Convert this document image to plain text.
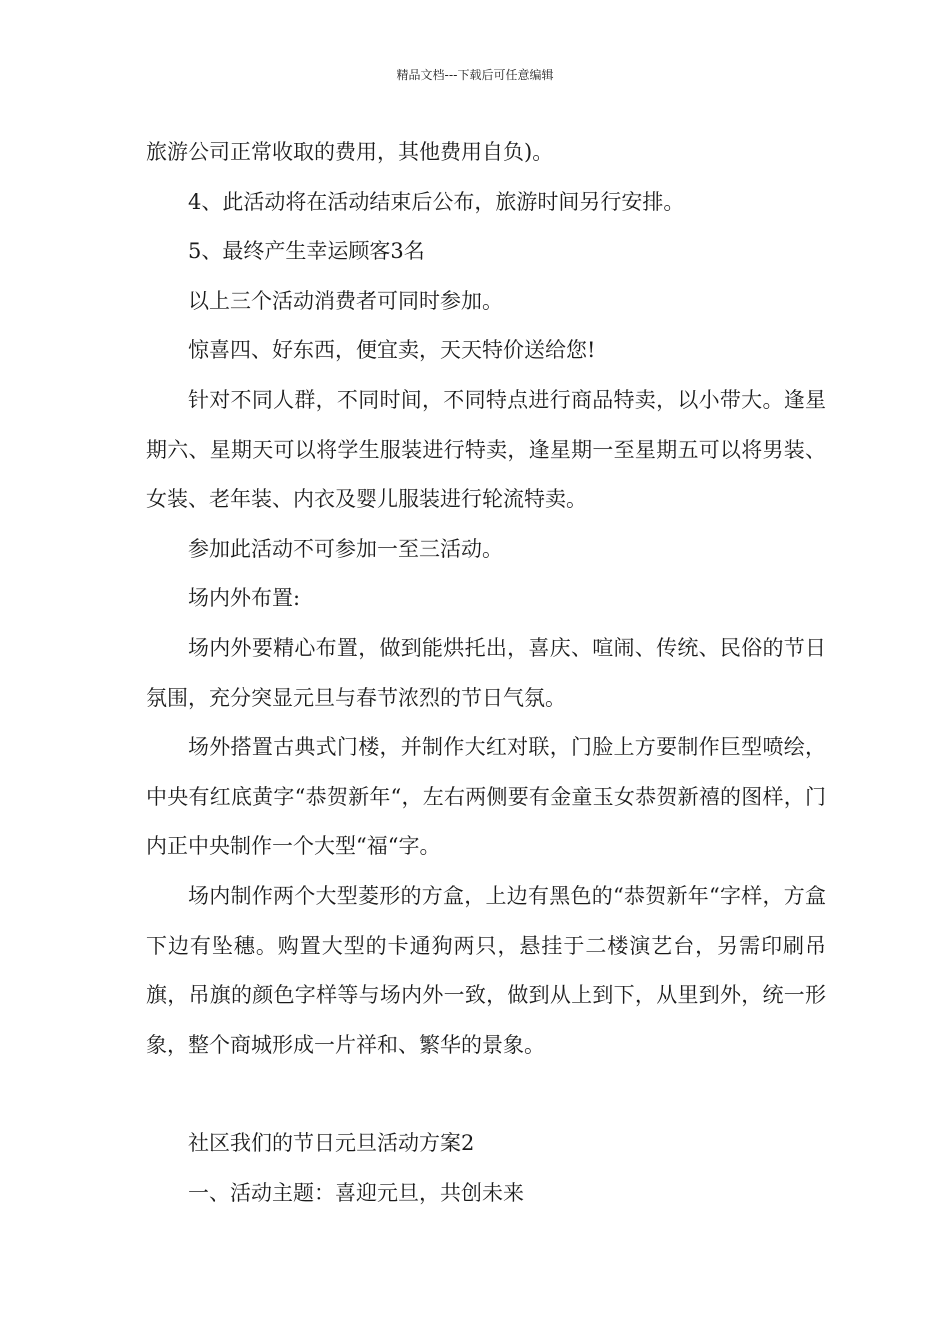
精品文档---下载后可任意编辑

旅游公司正常收取的费用，其他费用自负)。

4、此活动将在活动结束后公布，旅游时间另行安排。

5、最终产生幸运顾客3名

以上三个活动消费者可同时参加。

惊喜四、好东西，便宜卖，天天特价送给您!

针对不同人群，不同时间，不同特点进行商品特卖，以小带大。逢星期六、星期天可以将学生服装进行特卖，逢星期一至星期五可以将男装、女装、老年装、内衣及婴儿服装进行轮流特卖。

参加此活动不可参加一至三活动。

场内外布置:

场内外要精心布置，做到能烘托出，喜庆、喧闹、传统、民俗的节日氛围，充分突显元旦与春节浓烈的节日气氛。

场外搭置古典式门楼，并制作大红对联，门脸上方要制作巨型喷绘，中央有红底黄字“恭贺新年“，左右两侧要有金童玉女恭贺新禧的图样，门内正中央制作一个大型“福“字。

场内制作两个大型菱形的方盒，上边有黑色的“恭贺新年“字样，方盒下边有坠穗。购置大型的卡通狗两只，悬挂于二楼演艺台，另需印刷吊旗，吊旗的颜色字样等与场内外一致，做到从上到下，从里到外，统一形象，整个商城形成一片祥和、繁华的景象。

社区我们的节日元旦活动方案2

一、活动主题：喜迎元旦，共创未来
